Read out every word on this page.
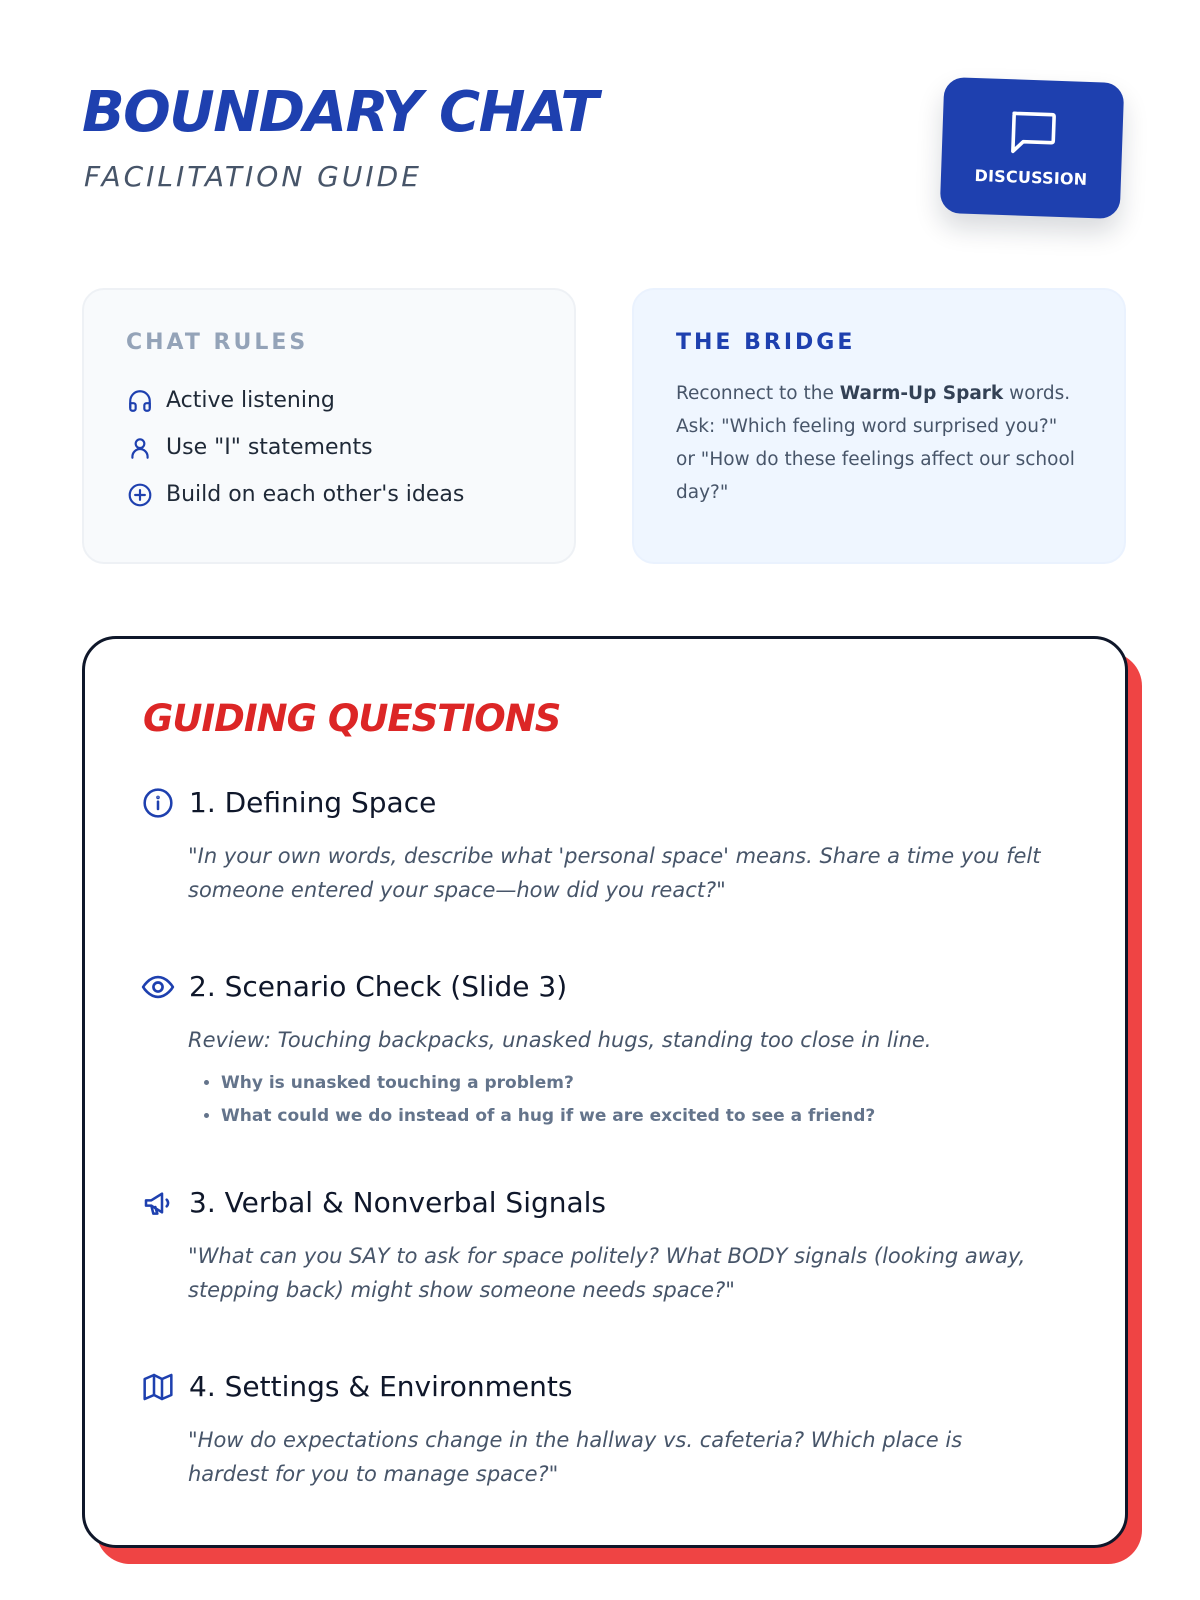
BOUNDARY CHAT
FACILITATION GUIDE	DISCUSSION
CHAT RULES
Active listening
Use "I" statements
Build on each other's ideas
THE BRIDGE

Reconnect to the Warm-Up Spark words. Ask: "Which feeling word surprised you?" or "How do these feelings affect our school day?"

GUIDING QUESTIONS
1. Defining Space

"In your own words, describe what 'personal space' means. Share a time you felt someone entered your space—how did you react?"

2. Scenario Check (Slide 3)

Review: Touching backpacks, unasked hugs, standing too close in line.

• Why is unasked touching a problem?
• What could we do instead of a hug if we are excited to see a friend?
3. Verbal & Nonverbal Signals

"What can you SAY to ask for space politely? What BODY signals (looking away, stepping back) might show someone needs space?"

4. Settings & Environments

"How do expectations change in the hallway vs. cafeteria? Which place is hardest for you to manage space?"
